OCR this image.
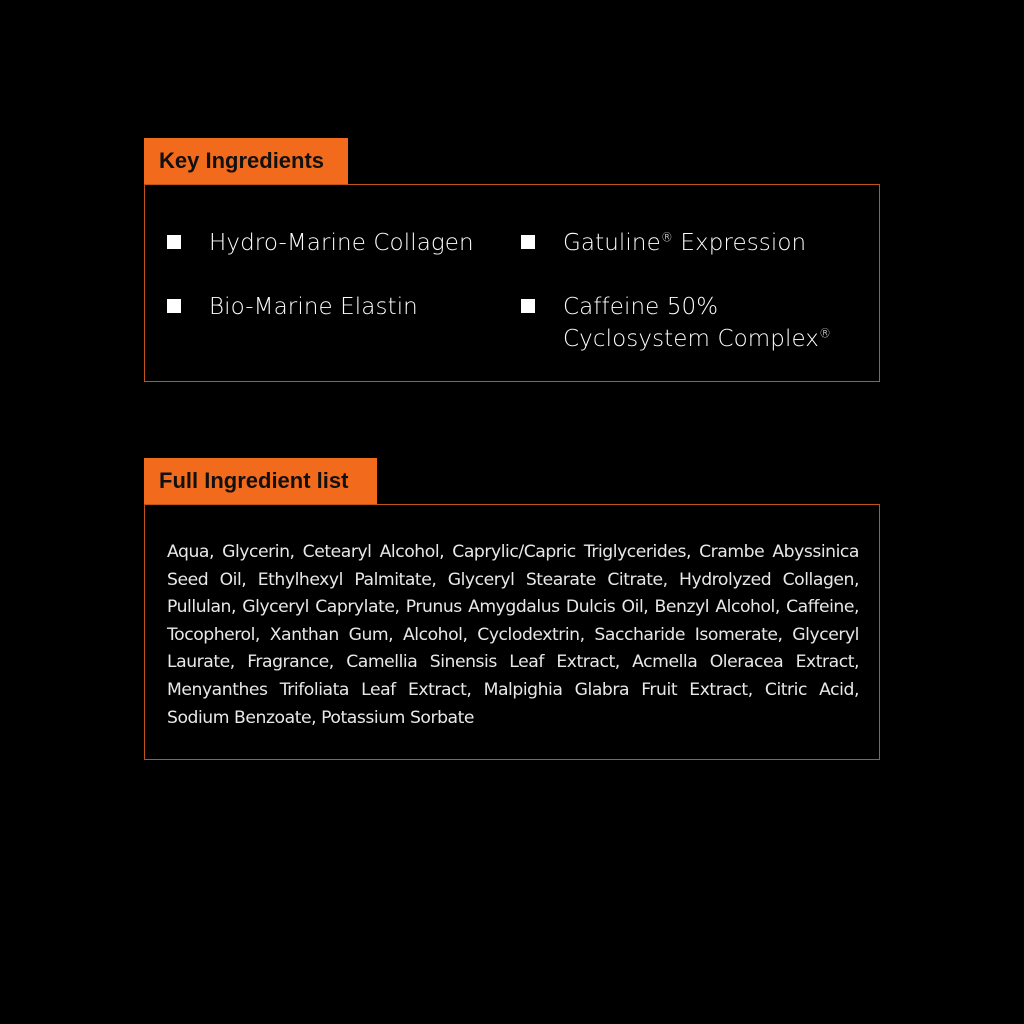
Key Ingredients
Hydro-Marine Collagen	Gatuline® Expression
Bio-Marine Elastin	Caffeine 50% Cyclosystem Complex®
Full Ingredient list
Aqua, Glycerin, Cetearyl Alcohol, Caprylic/Capric Triglycerides, Crambe Abyssinica Seed Oil, Ethylhexyl Palmitate, Glyceryl Stearate Citrate, Hydrolyzed Collagen, Pullulan, Glyceryl Caprylate, Prunus Amygdalus Dulcis Oil, Benzyl Alcohol, Caffeine, Tocopherol, Xanthan Gum, Alcohol, Cyclodextrin, Saccharide Isomerate, Glyceryl Laurate, Fragrance, Camellia Sinensis Leaf Extract, Acmella Oleracea Extract, Menyanthes Trifoliata Leaf Extract, Malpighia Glabra Fruit Extract, Citric Acid, Sodium Benzoate, Potassium Sorbate
